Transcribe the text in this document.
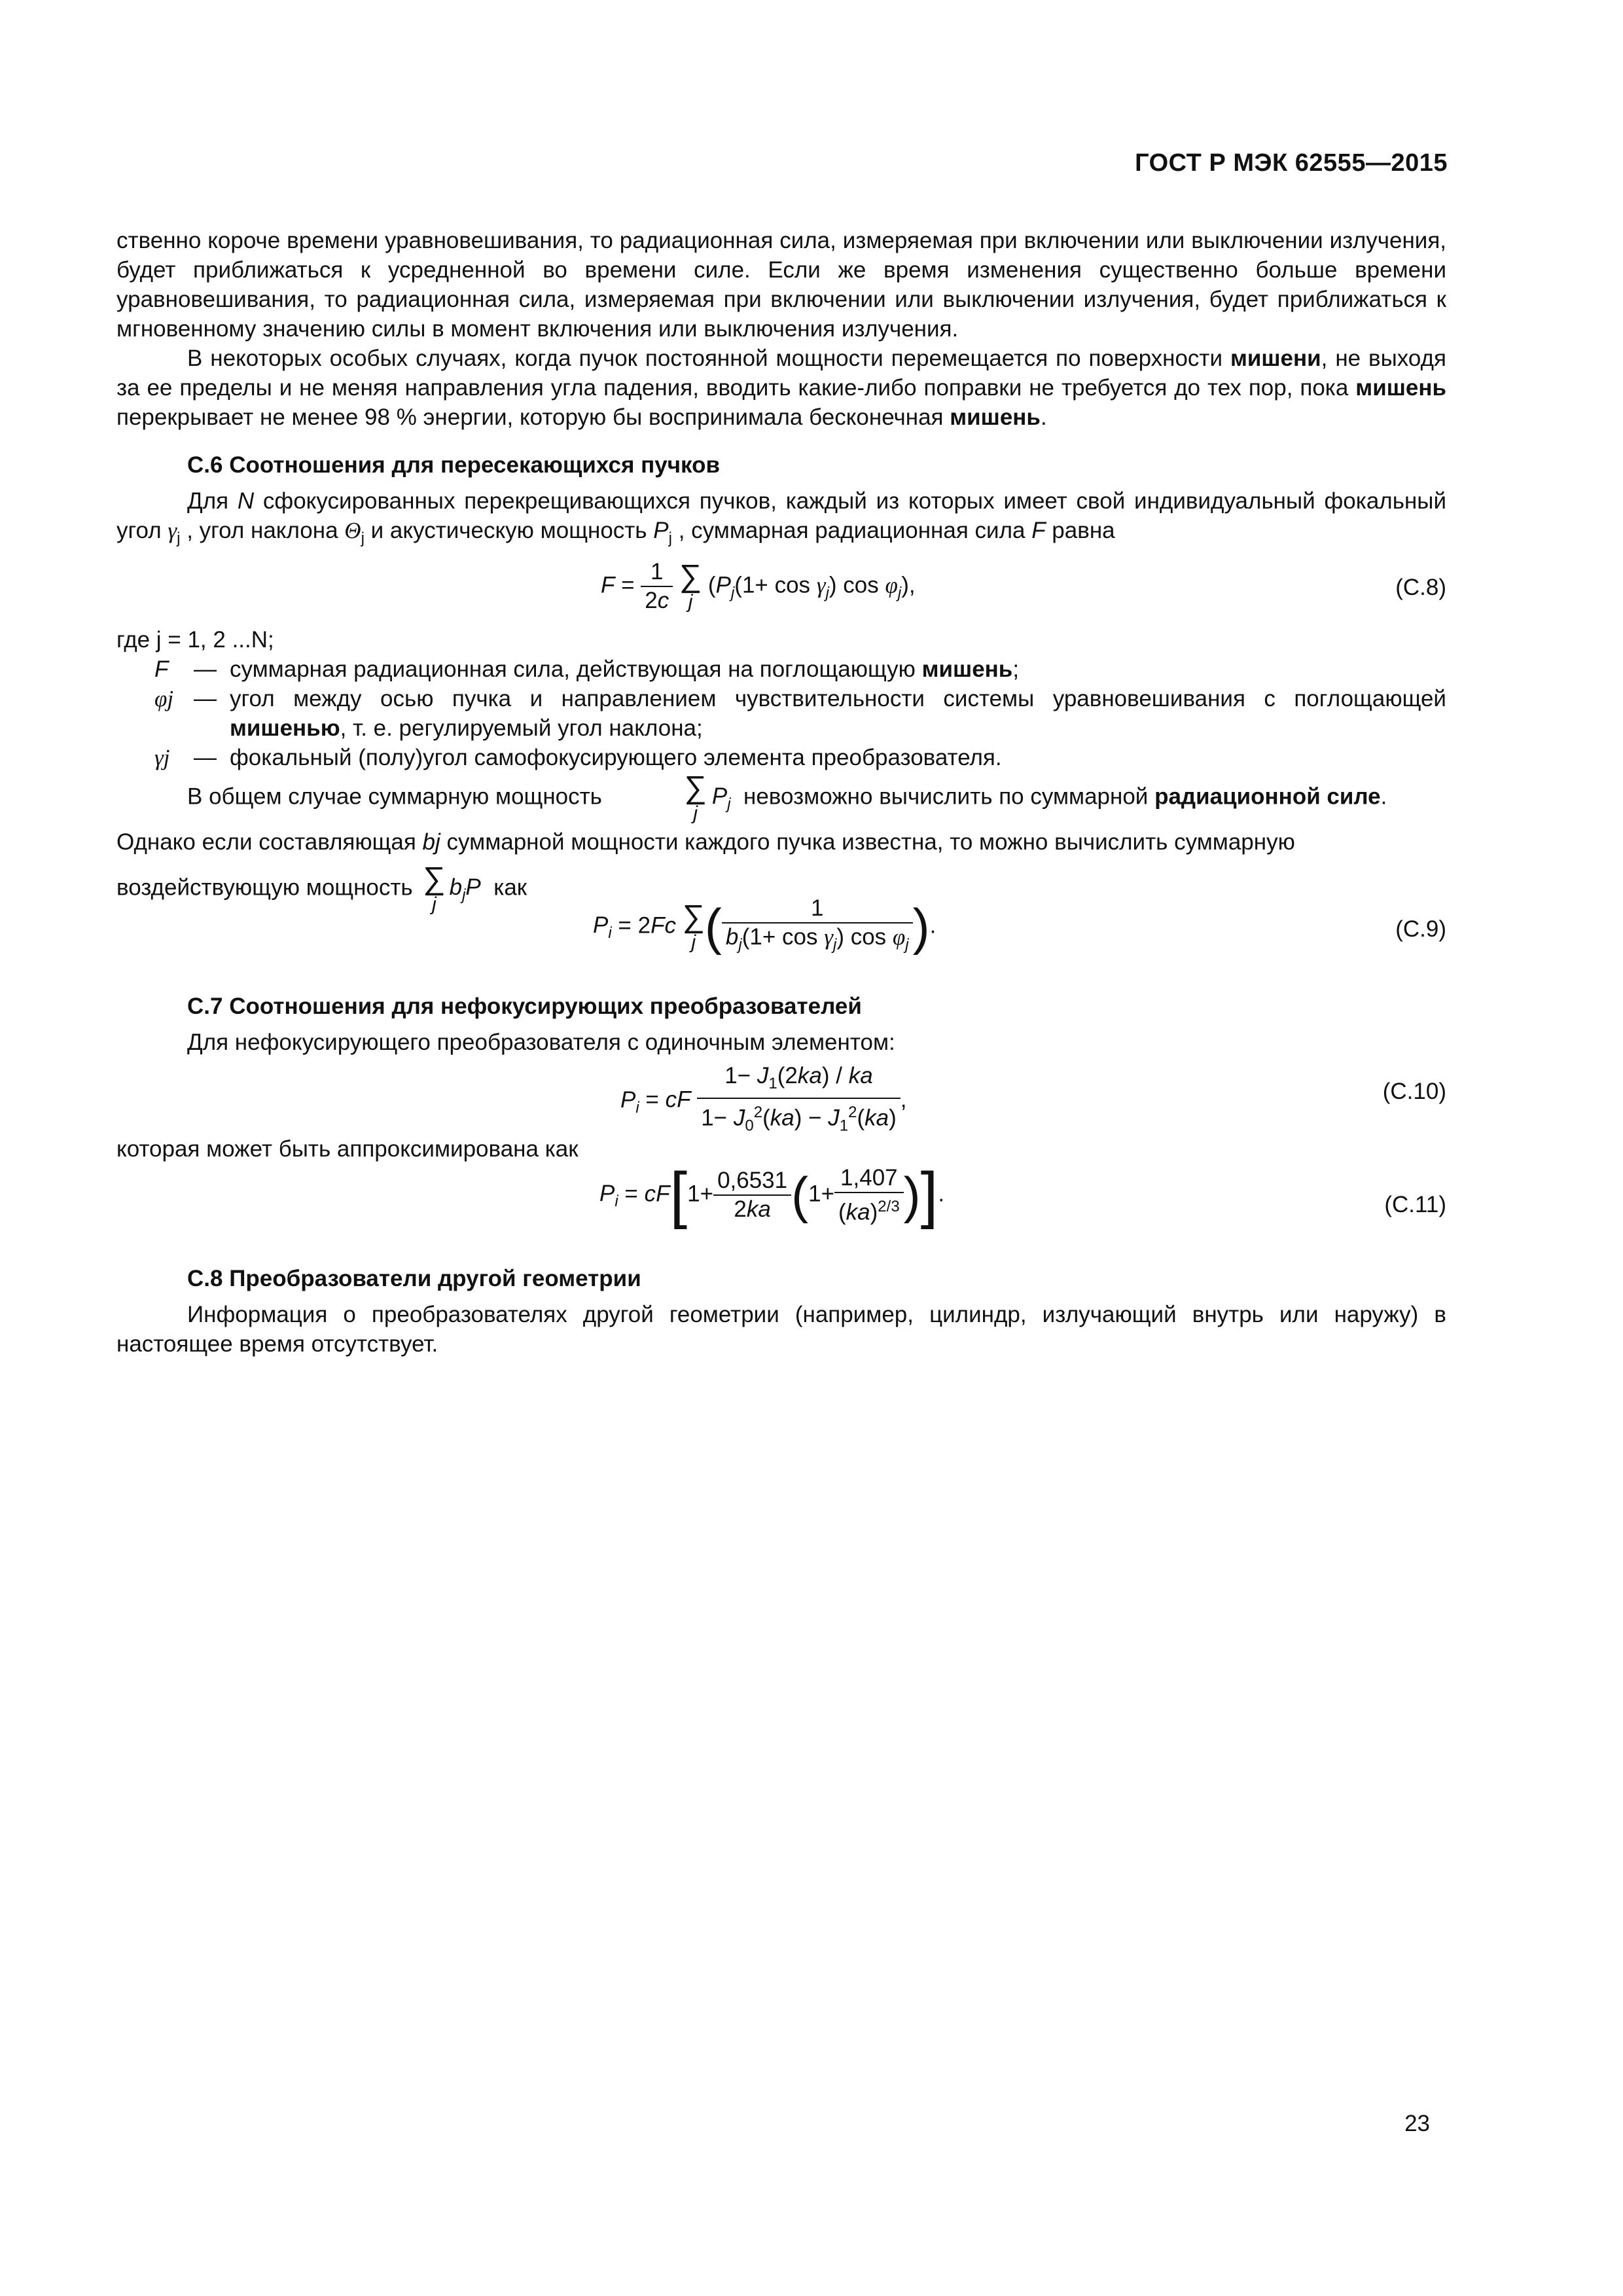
ГОСТ Р МЭК 62555—2015

ственно короче времени уравновешивания, то радиационная сила, измеряемая при включении или выключении излучения, будет приближаться к усредненной во времени силе. Если же время изменения существенно больше времени уравновешивания, то радиационная сила, измеряемая при включении или выключении излучения, будет приближаться к мгновенному значению силы в момент включения или выключения излучения.

В некоторых особых случаях, когда пучок постоянной мощности перемещается по поверхности мишени, не выходя за ее пределы и не меняя направления угла падения, вводить какие-либо поправки не требуется до тех пор, пока мишень перекрывает не менее 98 % энергии, которую бы воспринимала бесконечная мишень.

С.6 Соотношения для пересекающихся пучков

Для N сфокусированных перекрещивающихся пучков, каждый из которых имеет свой индивидуальный фокальный угол $\gamma_j$ , угол наклона $\Theta_j$ и акустическую мощность $P_j$ , суммарная радиационная сила F равна

$F = \frac{1}{2c}$
∑
j
($P_j(1+ \cos \gamma_j)$ $\cos \varphi_j$),	(С.8)

где j = 1, 2 ...N;

F	— суммарная радиационная сила, действующая на поглощающую мишень;
φj — угол между осью пучка и направлением чувствительности системы уравновешивания с поглощающей мишенью, т. е. регулируемый угол наклона;
γj	— фокальный (полу)угол самофокусирующего элемента преобразователя.

В общем случае суммарную мощность	∑
j
$P_j$ невозможно вычислить по суммарной радиационной силе.

Однако если составляющая bj суммарной мощности каждого пучка известна, то можно вычислить суммарную

воздействующую мощность ∑
j
$b_jP$ как

$P_i = 2Fc$ ∑
j ( $\frac{1}{b_j(1+ \cos \gamma_j) \cos \varphi_j}$ ).	(С.9)

С.7 Соотношения для нефокусирующих преобразователей

Для нефокусирующего преобразователя с одиночным элементом:

$P_i$ = cF $\frac{1- J_1(2ka) / ka}{1- J_0^2(ka) - J_1^2(ka)}$ ,	(С.10)

которая может быть аппроксимирована как

$P_i = cF[1+ \frac{0,6531}{2ka} (1+ \frac{1,407}{(ka)^{2/3}}$ )].	(С.11)

С.8 Преобразователи другой геометрии

Информация о преобразователях другой геометрии (например, цилиндр, излучающий внутрь или наружу) в настоящее время отсутствует.

23
